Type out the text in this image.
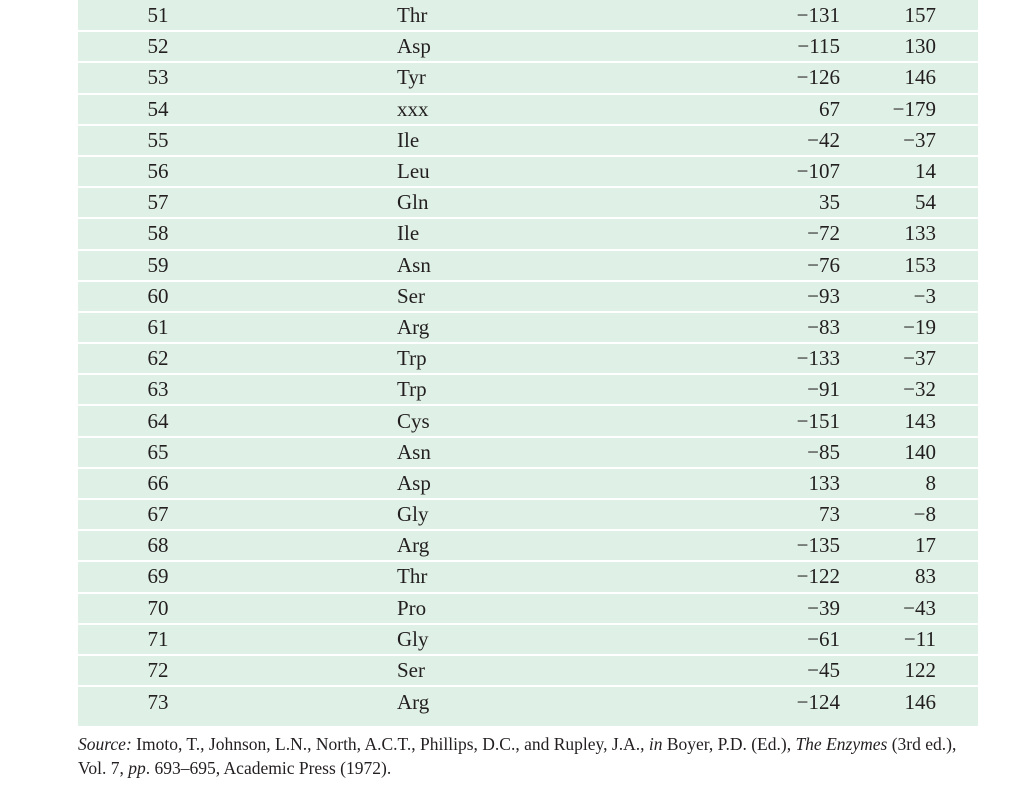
51	Thr	−131	157
52	Asp	−115	130
53	Tyr	−126	146
54	xxx	67	−179
55	Ile	−42	−37
56	Leu	−107	14
57	Gln	35	54
58	Ile	−72	133
59	Asn	−76	153
60	Ser	−93	−3
61	Arg	−83	−19
62	Trp	−133	−37
63	Trp	−91	−32
64	Cys	−151	143
65	Asn	−85	140
66	Asp	133	8
67	Gly	73	−8
68	Arg	−135	17
69	Thr	−122	83
70	Pro	−39	−43
71	Gly	−61	−11
72	Ser	−45	122
73	Arg	−124	146
Source: Imoto, T., Johnson, L.N., North, A.C.T., Phillips, D.C., and Rupley, J.A., in Boyer, P.D. (Ed.), The Enzymes (3rd ed.), Vol. 7, pp. 693–695, Academic Press (1972).
